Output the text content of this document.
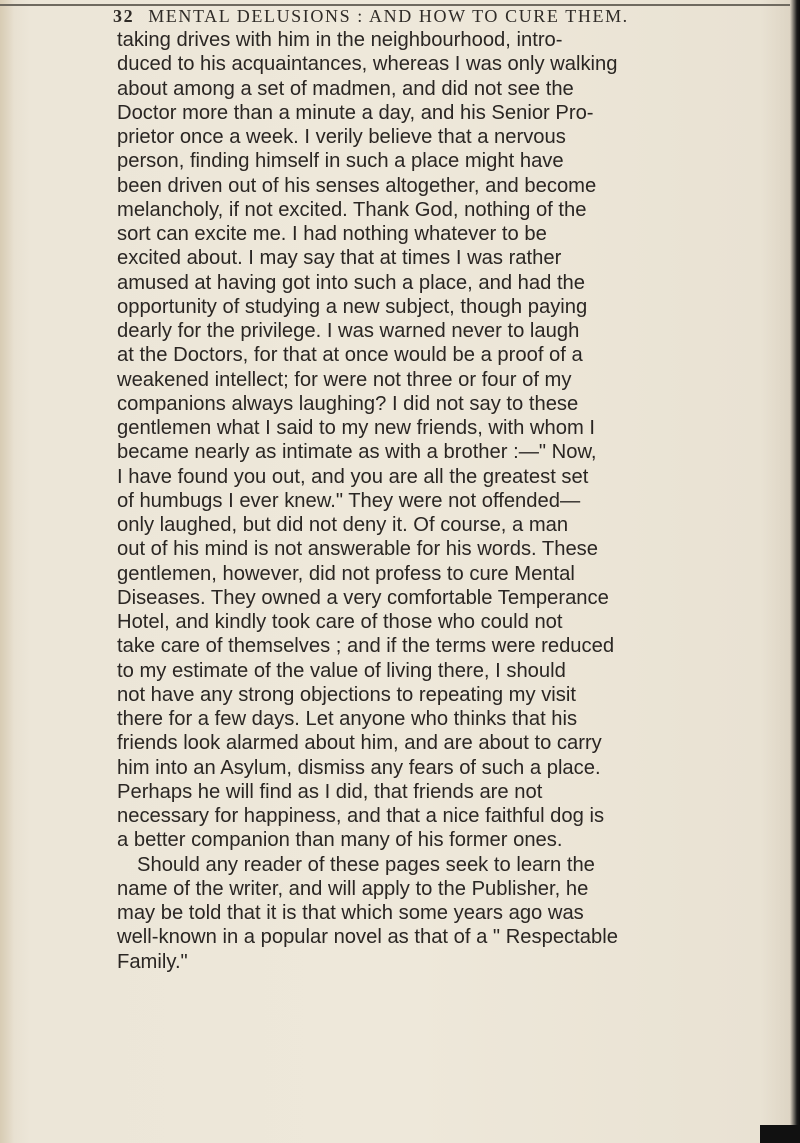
32 MENTAL DELUSIONS : AND HOW TO CURE THEM.
taking drives with him in the neighbourhood, intro-
duced to his acquaintances, whereas I was only walking
about among a set of madmen, and did not see the
Doctor more than a minute a day, and his Senior Pro-
prietor once a week. I verily believe that a nervous
person, finding himself in such a place might have
been driven out of his senses altogether, and become
melancholy, if not excited. Thank God, nothing of the
sort can excite me. I had nothing whatever to be
excited about. I may say that at times I was rather
amused at having got into such a place, and had the
opportunity of studying a new subject, though paying
dearly for the privilege. I was warned never to laugh
at the Doctors, for that at once would be a proof of a
weakened intellect; for were not three or four of my
companions always laughing? I did not say to these
gentlemen what I said to my new friends, with whom I
became nearly as intimate as with a brother :—" Now,
I have found you out, and you are all the greatest set
of humbugs I ever knew." They were not offended—
only laughed, but did not deny it. Of course, a man
out of his mind is not answerable for his words. These
gentlemen, however, did not profess to cure Mental
Diseases. They owned a very comfortable Temperance
Hotel, and kindly took care of those who could not
take care of themselves ; and if the terms were reduced
to my estimate of the value of living there, I should
not have any strong objections to repeating my visit
there for a few days. Let anyone who thinks that his
friends look alarmed about him, and are about to carry
him into an Asylum, dismiss any fears of such a place.
Perhaps he will find as I did, that friends are not
necessary for happiness, and that a nice faithful dog is
a better companion than many of his former ones.
Should any reader of these pages seek to learn the
name of the writer, and will apply to the Publisher, he
may be told that it is that which some years ago was
well-known in a popular novel as that of a " Respectable
Family."
